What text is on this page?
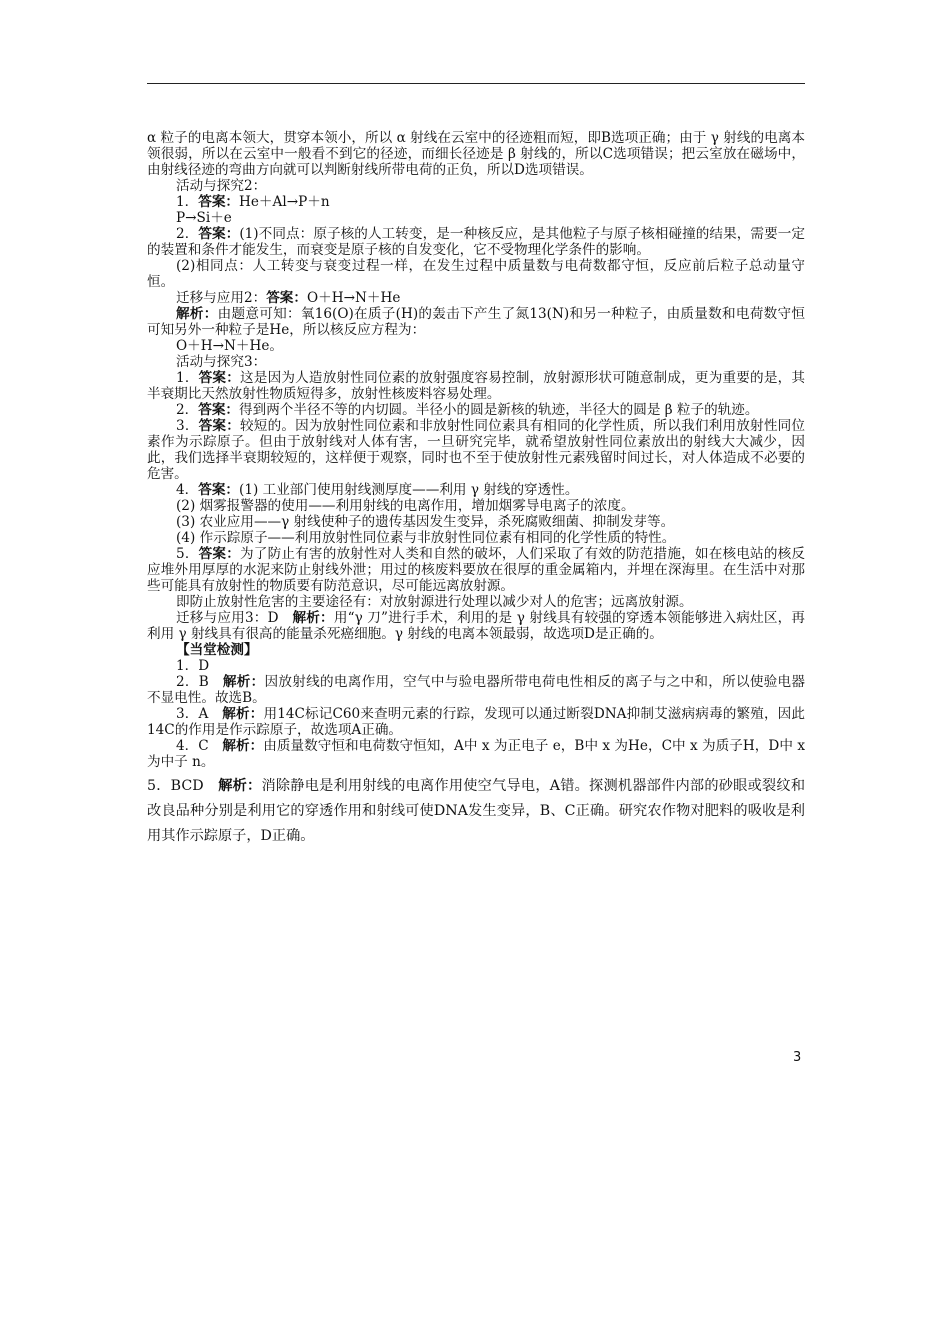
α 粒子的电离本领大，贯穿本领小，所以 α 射线在云室中的径迹粗而短，即B选项正确；由于 γ 射线的电离本领很弱，所以在云室中一般看不到它的径迹，而细长径迹是 β 射线的，所以C选项错误；把云室放在磁场中，由射线径迹的弯曲方向就可以判断射线所带电荷的正负，所以D选项错误。

活动与探究2：

1．答案：He＋Al→P＋n

P→Si＋e

2．答案：(1)不同点：原子核的人工转变，是一种核反应，是其他粒子与原子核相碰撞的结果，需要一定的装置和条件才能发生，而衰变是原子核的自发变化，它不受物理化学条件的影响。

(2)相同点：人工转变与衰变过程一样，在发生过程中质量数与电荷数都守恒，反应前后粒子总动量守恒。

迁移与应用2：答案：O＋H→N＋He

解析：由题意可知：氧16(O)在质子(H)的轰击下产生了氮13(N)和另一种粒子，由质量数和电荷数守恒可知另外一种粒子是He，所以核反应方程为：

O＋H→N＋He。

活动与探究3：

1．答案：这是因为人造放射性同位素的放射强度容易控制，放射源形状可随意制成，更为重要的是，其半衰期比天然放射性物质短得多，放射性核废料容易处理。

2．答案：得到两个半径不等的内切圆。半径小的圆是新核的轨迹，半径大的圆是 β 粒子的轨迹。

3．答案：较短的。因为放射性同位素和非放射性同位素具有相同的化学性质，所以我们利用放射性同位素作为示踪原子。但由于放射线对人体有害，一旦研究完毕，就希望放射性同位素放出的射线大大减少，因此，我们选择半衰期较短的，这样便于观察，同时也不至于使放射性元素残留时间过长，对人体造成不必要的危害。

4．答案：(1) 工业部门使用射线测厚度——利用 γ 射线的穿透性。

(2) 烟雾报警器的使用——利用射线的电离作用，增加烟雾导电离子的浓度。

(3) 农业应用——γ 射线使种子的遗传基因发生变异，杀死腐败细菌、抑制发芽等。

(4) 作示踪原子——利用放射性同位素与非放射性同位素有相同的化学性质的特性。

5．答案：为了防止有害的放射性对人类和自然的破坏，人们采取了有效的防范措施，如在核电站的核反应堆外用厚厚的水泥来防止射线外泄；用过的核废料要放在很厚的重金属箱内，并埋在深海里。在生活中对那些可能具有放射性的物质要有防范意识，尽可能远离放射源。

即防止放射性危害的主要途径有：对放射源进行处理以减少对人的危害；远离放射源。

迁移与应用3：D　解析：用“γ 刀”进行手术，利用的是 γ 射线具有较强的穿透本领能够进入病灶区，再利用 γ 射线具有很高的能量杀死癌细胞。γ 射线的电离本领最弱，故选项D是正确的。

【当堂检测】

1．D

2．B　解析：因放射线的电离作用，空气中与验电器所带电荷电性相反的离子与之中和，所以使验电器不显电性。故选B。

3．A　解析：用14C标记C60来查明元素的行踪，发现可以通过断裂DNA抑制艾滋病病毒的繁殖，因此14C的作用是作示踪原子，故选项A正确。

4．C　解析：由质量数守恒和电荷数守恒知，A中 x 为正电子 e，B中 x 为He，C中 x 为质子H，D中 x 为中子 n。

5．BCD　解析：消除静电是利用射线的电离作用使空气导电，A错。探测机器部件内部的砂眼或裂纹和改良品种分别是利用它的穿透作用和射线可使DNA发生变异，B、C正确。研究农作物对肥料的吸收是利用其作示踪原子，D正确。

3
